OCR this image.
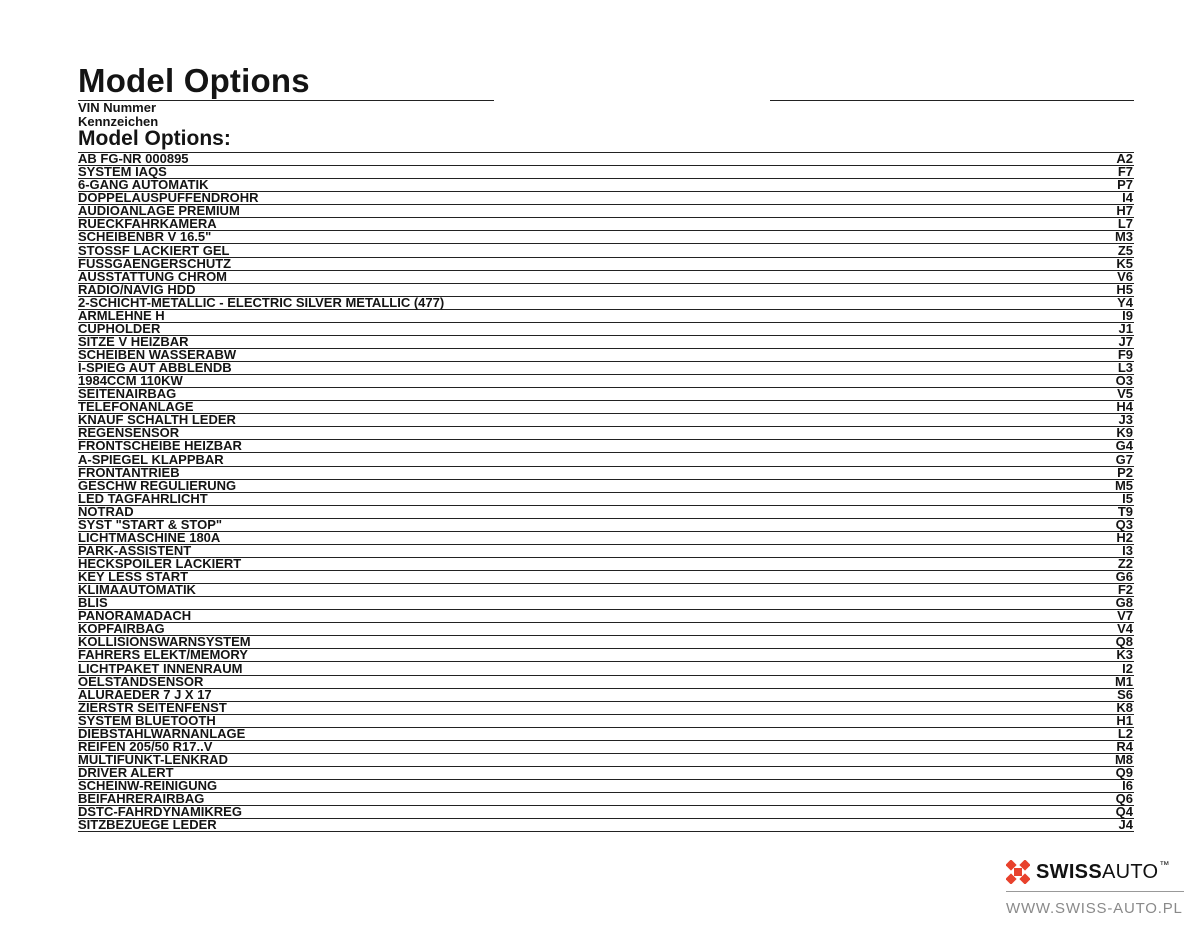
Model Options
VIN Nummer
Kennzeichen
Model Options:
AB FG-NR 000895	A2
SYSTEM IAQS	F7
6-GANG AUTOMATIK	P7
DOPPELAUSPUFFENDROHR	I4
AUDIOANLAGE PREMIUM	H7
RUECKFAHRKAMERA	L7
SCHEIBENBR V 16.5"	M3
STOSSF LACKIERT GEL	Z5
FUSSGAENGERSCHUTZ	K5
AUSSTATTUNG CHROM	V6
RADIO/NAVIG HDD	H5
2-SCHICHT-METALLIC - ELECTRIC SILVER METALLIC (477)	Y4
ARMLEHNE H	I9
CUPHOLDER	J1
SITZE V HEIZBAR	J7
SCHEIBEN WASSERABW	F9
I-SPIEG AUT ABBLENDB	L3
1984CCM 110KW	O3
SEITENAIRBAG	V5
TELEFONANLAGE	H4
KNAUF SCHALTH LEDER	J3
REGENSENSOR	K9
FRONTSCHEIBE HEIZBAR	G4
A-SPIEGEL KLAPPBAR	G7
FRONTANTRIEB	P2
GESCHW REGULIERUNG	M5
LED TAGFAHRLICHT	I5
NOTRAD	T9
SYST "START & STOP"	Q3
LICHTMASCHINE 180A	H2
PARK-ASSISTENT	I3
HECKSPOILER LACKIERT	Z2
KEY LESS START	G6
KLIMAAUTOMATIK	F2
BLIS	G8
PANORAMADACH	V7
KOPFAIRBAG	V4
KOLLISIONSWARNSYSTEM	Q8
FAHRERS ELEKT/MEMORY	K3
LICHTPAKET INNENRAUM	I2
OELSTANDSENSOR	M1
ALURAEDER 7 J X 17	S6
ZIERSTR SEITENFENST	K8
SYSTEM BLUETOOTH	H1
DIEBSTAHLWARNANLAGE	L2
REIFEN 205/50 R17..V	R4
MULTIFUNKT-LENKRAD	M8
DRIVER ALERT	Q9
SCHEINW-REINIGUNG	I6
BEIFAHRERAIRBAG	Q6
DSTC-FAHRDYNAMIKREG	Q4
SITZBEZUEGE LEDER	J4
SWISS AUTO ™
WWW.SWISS-AUTO.PL
